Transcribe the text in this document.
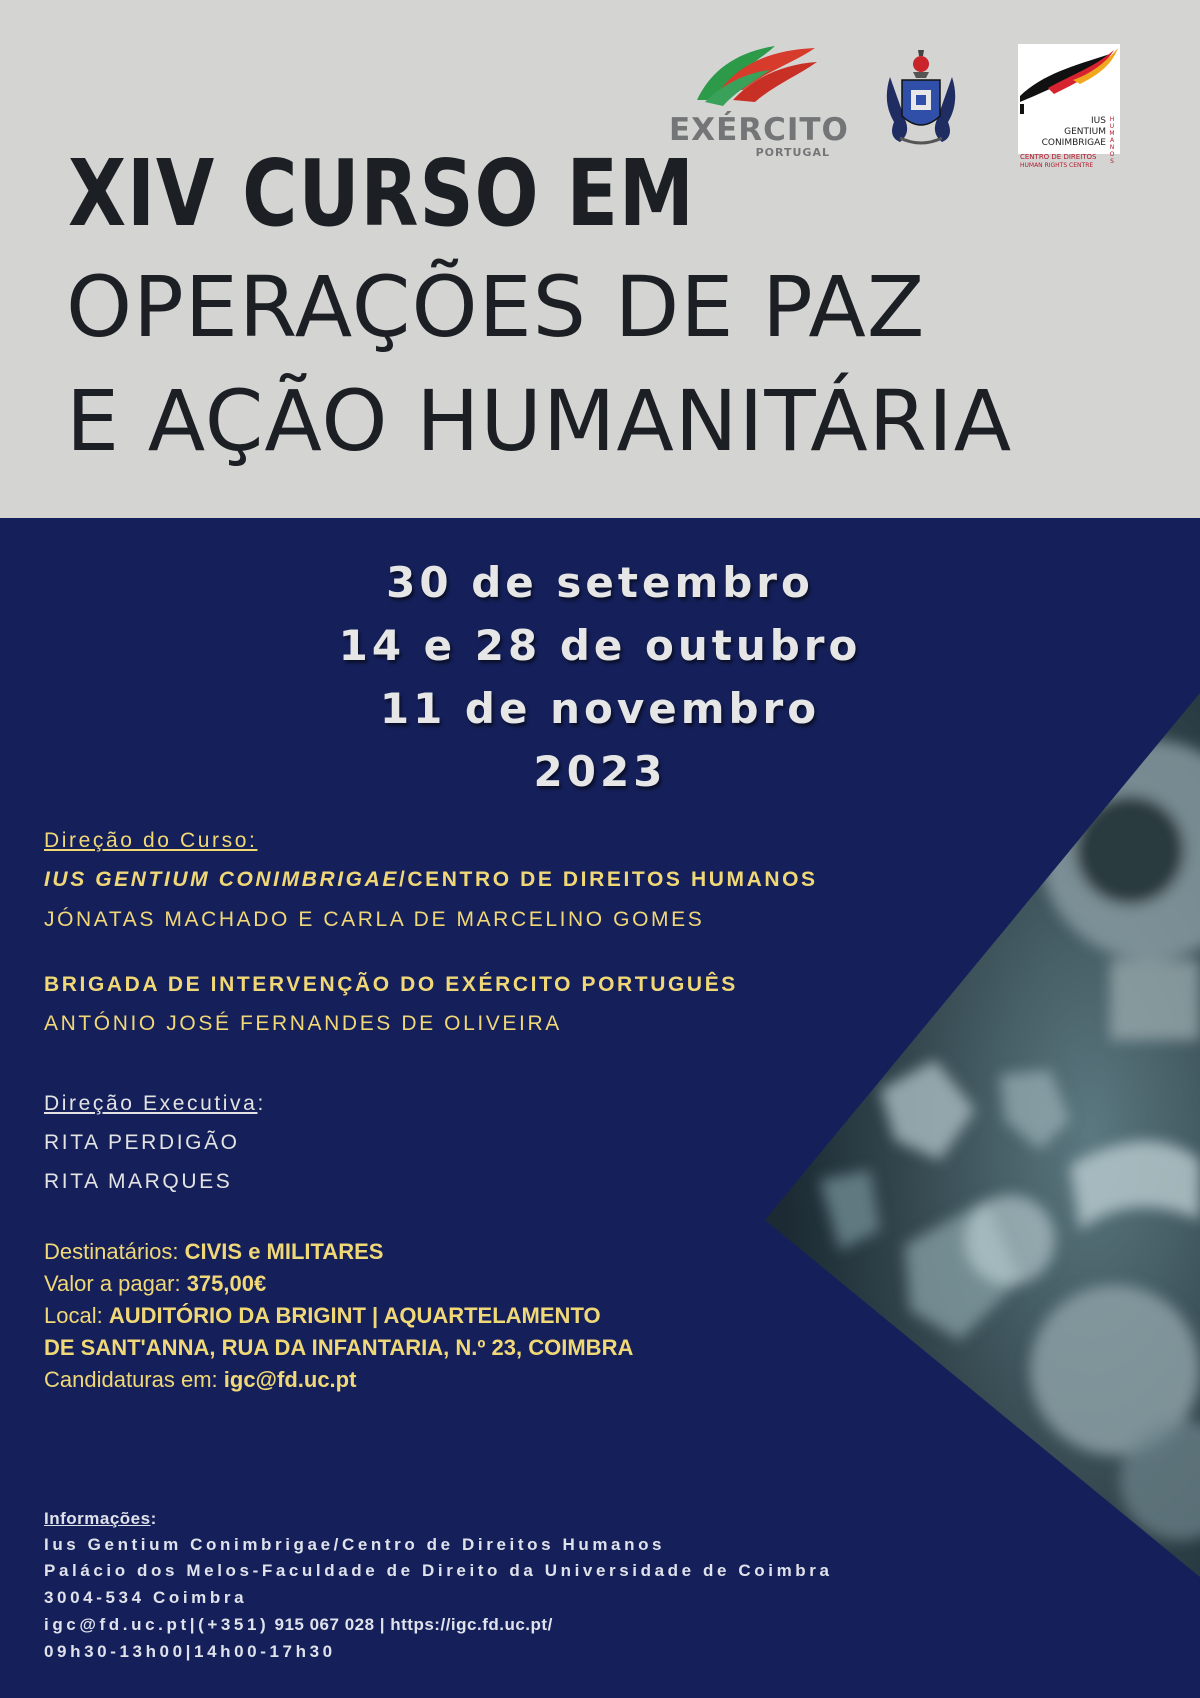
EXÉRCITO
PORTUGAL
IUS
GENTIUM
CONIMBRIGAE
HUMANOS
CENTRO DE DIREITOS
HUMAN RIGHTS CENTRE
XIV CURSO EM
OPERAÇÕES DE PAZ
E AÇÃO HUMANITÁRIA
30 de setembro
14 e 28 de outubro
11 de novembro
2023
Direção do Curso:
IUS GENTIUM CONIMBRIGAE/CENTRO DE DIREITOS HUMANOS
JÓNATAS MACHADO E CARLA DE MARCELINO GOMES
BRIGADA DE INTERVENÇÃO DO EXÉRCITO PORTUGUÊS
ANTÓNIO JOSÉ FERNANDES DE OLIVEIRA
Direção Executiva:
RITA PERDIGÃO
RITA MARQUES
Destinatários: CIVIS e MILITARES
Valor a pagar: 375,00€
Local: AUDITÓRIO DA BRIGINT | AQUARTELAMENTO
DE SANT'ANNA, RUA DA INFANTARIA, N.º 23, COIMBRA
Candidaturas em: igc@fd.uc.pt
Informações:
Ius Gentium Conimbrigae/Centro de Direitos Humanos
Palácio dos Melos-Faculdade de Direito da Universidade de Coimbra
3004-534 Coimbra
igc@fd.uc.pt|(+351) 915 067 028 | https://igc.fd.uc.pt/
09h30-13h00|14h00-17h30
